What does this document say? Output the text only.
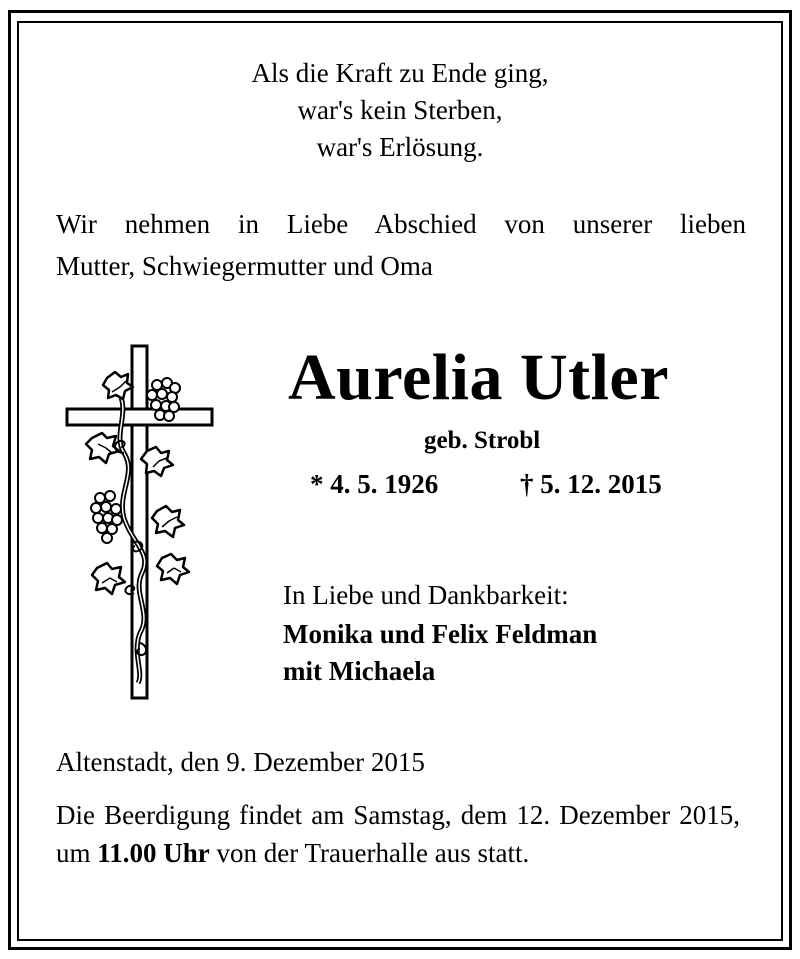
Als die Kraft zu Ende ging,
war's kein Sterben,
war's Erlösung.
Wir nehmen in Liebe Abschied von unserer lieben
Mutter, Schwiegermutter und Oma
Aurelia Utler
geb. Strobl
* 4. 5. 1926	† 5. 12. 2015
In Liebe und Dankbarkeit:
Monika und Felix Feldman
mit Michaela
Altenstadt, den 9. Dezember 2015
Die Beerdigung findet am Samstag, dem 12. Dezember 2015, um 11.00 Uhr von der Trauerhalle aus statt.
